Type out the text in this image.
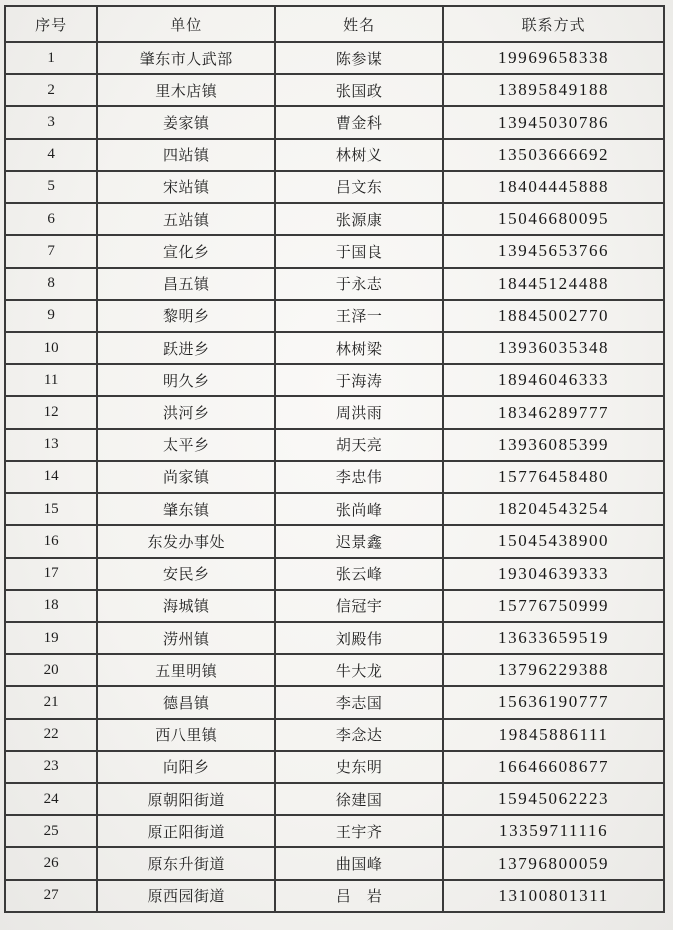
序号	单位	姓名	联系方式
1	肇东市人武部	陈参谋	19969658338
2	里木店镇	张国政	13895849188
3	姜家镇	曹金科	13945030786
4	四站镇	林树义	13503666692
5	宋站镇	吕文东	18404445888
6	五站镇	张源康	15046680095
7	宣化乡	于国良	13945653766
8	昌五镇	于永志	18445124488
9	黎明乡	王泽一	18845002770
10	跃进乡	林树梁	13936035348
11	明久乡	于海涛	18946046333
12	洪河乡	周洪雨	18346289777
13	太平乡	胡天亮	13936085399
14	尚家镇	李忠伟	15776458480
15	肇东镇	张尚峰	18204543254
16	东发办事处	迟景鑫	15045438900
17	安民乡	张云峰	19304639333
18	海城镇	信冠宇	15776750999
19	涝州镇	刘殿伟	13633659519
20	五里明镇	牛大龙	13796229388
21	德昌镇	李志国	15636190777
22	西八里镇	李念达	19845886111
23	向阳乡	史东明	16646608677
24	原朝阳街道	徐建国	15945062223
25	原正阳街道	王宇齐	13359711116
26	原东升街道	曲国峰	13796800059
27	原西园街道	吕　岩	13100801311
